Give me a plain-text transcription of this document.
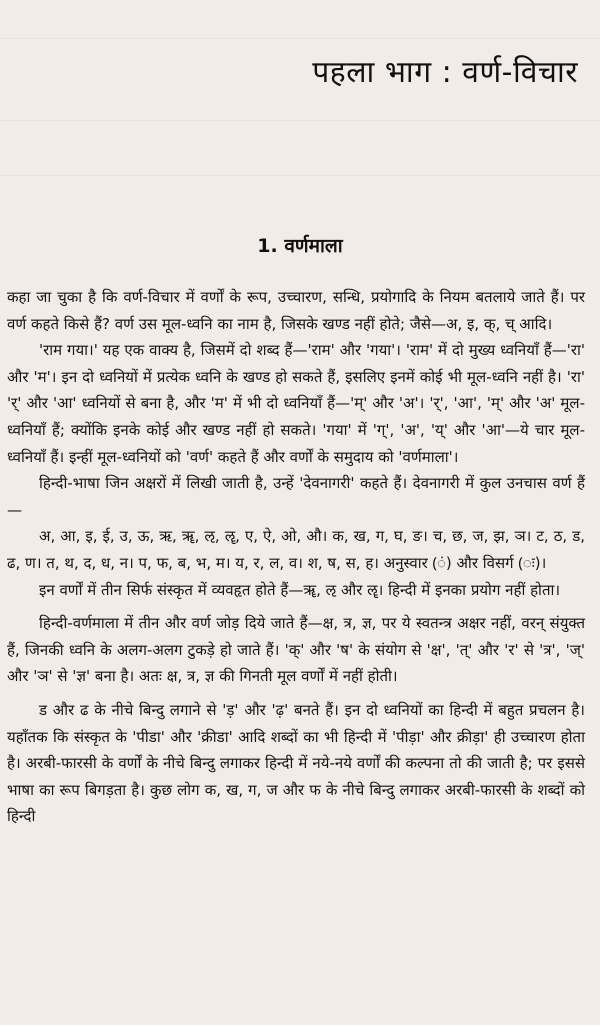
पहला भाग : वर्ण-विचार
1. वर्णमाला

कहा जा चुका है कि वर्ण-विचार में वर्णों के रूप, उच्चारण, सन्धि, प्रयोगादि के नियम बतलाये जाते हैं। पर वर्ण कहते किसे हैं? वर्ण उस मूल-ध्वनि का नाम है, जिसके खण्ड नहीं होते; जैसे—अ, इ, क्, च् आदि।

'राम गया।' यह एक वाक्य है, जिसमें दो शब्द हैं—'राम' और 'गया'। 'राम' में दो मुख्य ध्वनियाँ हैं—'रा' और 'म'। इन दो ध्वनियों में प्रत्येक ध्वनि के खण्ड हो सकते हैं, इसलिए इनमें कोई भी मूल-ध्वनि नहीं है। 'रा' 'र्' और 'आ' ध्वनियों से बना है, और 'म' में भी दो ध्वनियाँ हैं—'म्' और 'अ'। 'र्', 'आ', 'म्' और 'अ' मूल-ध्वनियाँ हैं; क्योंकि इनके कोई और खण्ड नहीं हो सकते। 'गया' में 'ग्', 'अ', 'य्' और 'आ'—ये चार मूल-ध्वनियाँ हैं। इन्हीं मूल-ध्वनियों को 'वर्ण' कहते हैं और वर्णों के समुदाय को 'वर्णमाला'।

हिन्दी-भाषा जिन अक्षरों में लिखी जाती है, उन्हें 'देवनागरी' कहते हैं। देवनागरी में कुल उनचास वर्ण हैं—

अ, आ, इ, ई, उ, ऊ, ऋ, ॠ, ऌ, ॡ, ए, ऐ, ओ, औ। क, ख, ग, घ, ङ। च, छ, ज, झ, ञ। ट, ठ, ड, ढ, ण। त, थ, द, ध, न। प, फ, ब, भ, म। य, र, ल, व। श, ष, स, ह। अनुस्वार (ं) और विसर्ग (ः)।

इन वर्णों में तीन सिर्फ संस्कृत में व्यवहृत होते हैं—ॠ, ऌ और ॡ। हिन्दी में इनका प्रयोग नहीं होता।

हिन्दी-वर्णमाला में तीन और वर्ण जोड़ दिये जाते हैं—क्ष, त्र, ज्ञ, पर ये स्वतन्त्र अक्षर नहीं, वरन् संयुक्त हैं, जिनकी ध्वनि के अलग-अलग टुकड़े हो जाते हैं। 'क्' और 'ष' के संयोग से 'क्ष', 'त्' और 'र' से 'त्र', 'ज्' और 'ञ' से 'ज्ञ' बना है। अतः क्ष, त्र, ज्ञ की गिनती मूल वर्णों में नहीं होती।

ड और ढ के नीचे बिन्दु लगाने से 'ड़' और 'ढ़' बनते हैं। इन दो ध्वनियों का हिन्दी में बहुत प्रचलन है। यहाँतक कि संस्कृत के 'पीडा' और 'क्रीडा' आदि शब्दों का भी हिन्दी में 'पीड़ा' और क्रीड़ा' ही उच्चारण होता है। अरबी-फारसी के वर्णों के नीचे बिन्दु लगाकर हिन्दी में नये-नये वर्णों की कल्पना तो की जाती है; पर इससे भाषा का रूप बिगड़ता है। कुछ लोग क, ख, ग, ज और फ के नीचे बिन्दु लगाकर अरबी-फारसी के शब्दों को हिन्दी
